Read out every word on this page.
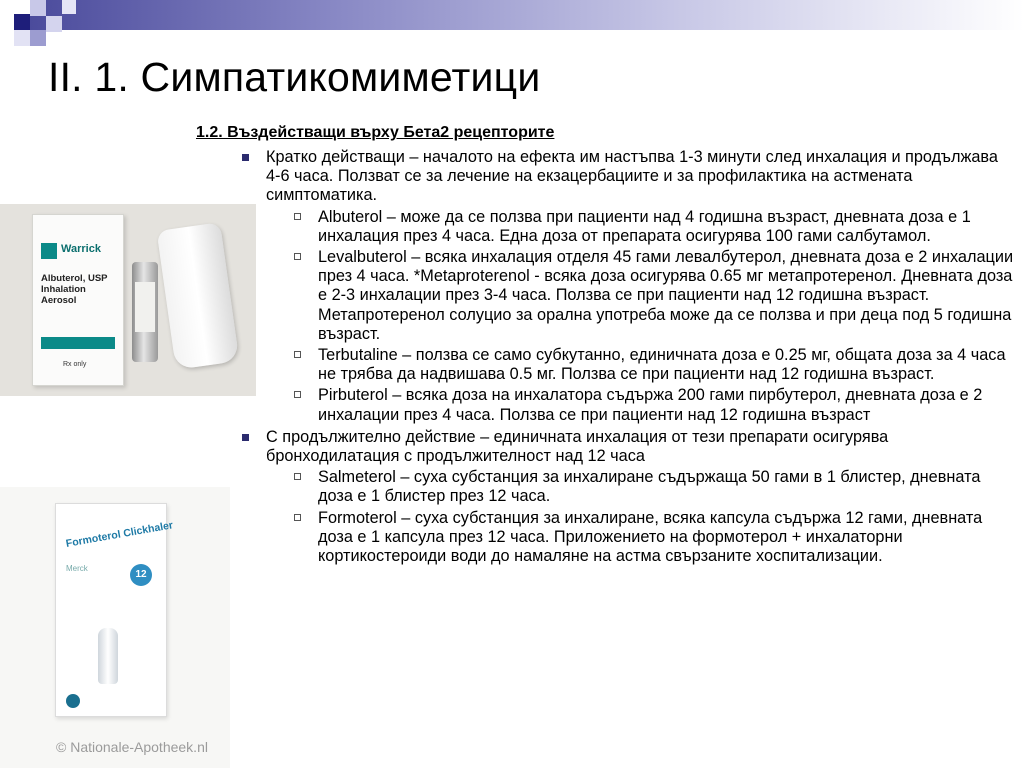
II. 1. Симпатикомиметици
1.2. Въздействащи върху Бета2 рецепторите
Кратко действащи – началото на ефекта им настъпва 1-3 минути след инхалация и продължава 4-6 часа. Ползват се за лечение на екзацербациите и за профилактика на астмената симптоматика.
Albuterol – може да се ползва при пациенти над 4 годишна възраст, дневната доза е 1 инхалация през 4 часа. Една доза от препарата осигурява 100 гами салбутамол.
Levalbuterol – всяка инхалация отделя 45 гами левалбутерол, дневната доза е 2 инхалации през 4 часа. *Metaproterenol - всяка доза осигурява 0.65 мг метапротеренол. Дневната доза е 2-3 инхалации през 3-4 часа. Ползва се при пациенти над 12 годишна възраст. Метапротеренол солуцио за орална употреба може да се ползва и при деца под 5 годишна възраст.
Terbutaline – ползва се само субкутанно, единичната доза е 0.25 мг, общата доза за 4 часа не трябва да надвишава 0.5 мг. Ползва се при пациенти над 12 годишна възраст.
Pirbuterol – всяка доза на инхалатора съдържа 200 гами пирбутерол, дневната доза е 2 инхалации през 4 часа. Ползва се при пациенти над 12 годишна възраст
С продължително действие – единичната инхалация от тези препарати осигурява бронходилатация с продължителност над 12 часа
Salmeterol – суха субстанция за инхалиране съдържаща 50 гами в 1 блистер, дневната доза е 1 блистер през 12 часа.
Formoterol – суха субстанция за инхалиране, всяка капсула съдържа 12 гами, дневната доза е 1 капсула през 12 часа. Приложението на формотерол + инхалаторни кортикостероиди води до намаляне на астма свързаните хоспитализации.
Warrick
Albuterol, USP
Inhalation
Aerosol
Rx only
Formoterol Clickhaler
Merck
12
© Nationale-Apotheek.nl
